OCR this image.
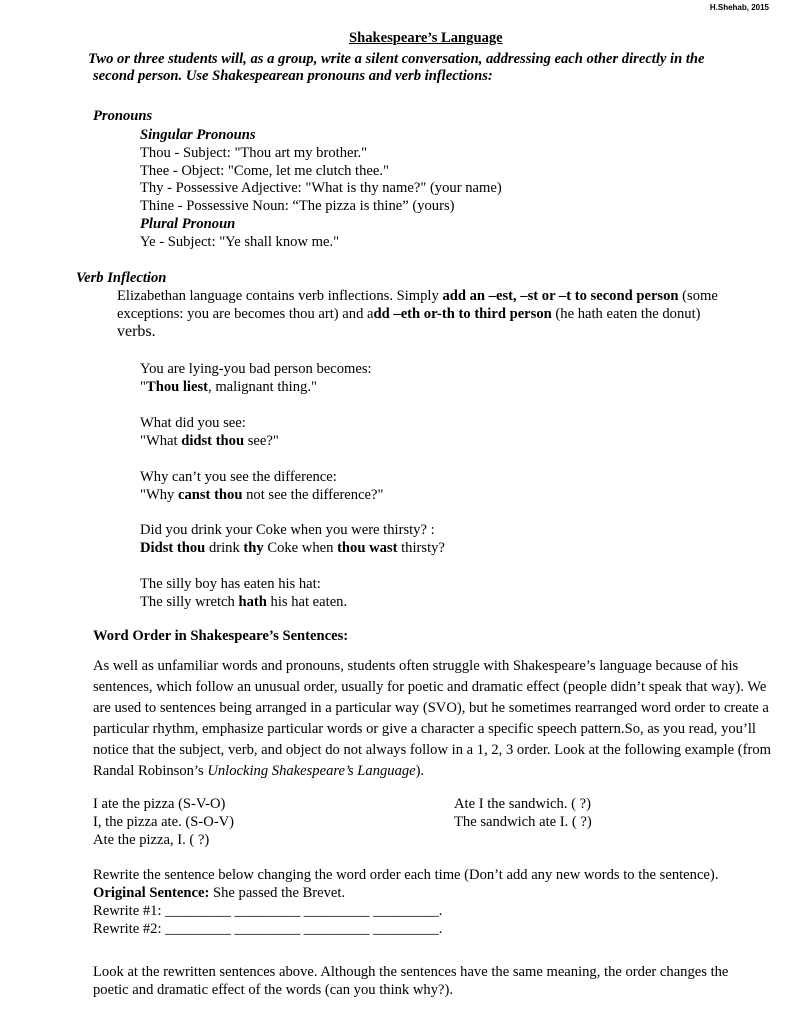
H.Shehab, 2015
Shakespeare’s Language
Two or three students will, as a group, write a silent conversation, addressing each other directly in the
second person. Use Shakespearean pronouns and verb inflections:
Pronouns
Singular Pronouns
Thou - Subject: "Thou art my brother."
Thee - Object: "Come, let me clutch thee."
Thy - Possessive Adjective: "What is thy name?" (your name)
Thine - Possessive Noun: “The pizza is thine” (yours)
Plural Pronoun
Ye - Subject: "Ye shall know me."
Verb Inflection
Elizabethan language contains verb inflections. Simply add an –est, –st or –t to second person (some
exceptions: you are becomes thou art) and add –eth or-th to third person (he hath eaten the donut)
verbs.
You are lying-you bad person becomes:
"Thou liest, malignant thing."
What did you see:
"What didst thou see?"
Why can’t you see the difference:
"Why canst thou not see the difference?"
Did you drink your Coke when you were thirsty? :
Didst thou drink thy Coke when thou wast thirsty?
The silly boy has eaten his hat:
The silly wretch hath his hat eaten.
Word Order in Shakespeare’s Sentences:
As well as unfamiliar words and pronouns, students often struggle with Shakespeare’s language because of his sentences, which follow an unusual order, usually for poetic and dramatic effect (people didn’t speak that way). We are used to sentences being arranged in a particular way (SVO), but he sometimes rearranged word order to create a particular rhythm, emphasize particular words or give a character a specific speech pattern.So, as you read, you’ll notice that the subject, verb, and object do not always follow in a 1, 2, 3 order. Look at the following example (from Randal Robinson’s Unlocking Shakespeare’s Language).
I ate the pizza (S-V-O)
I, the pizza ate. (S-O-V)
Ate the pizza, I. ( ?)
Ate I the sandwich. ( ?)
The sandwich ate I. ( ?)
Rewrite the sentence below changing the word order each time (Don’t add any new words to the sentence).
Original Sentence: She passed the Brevet.
Rewrite #1: _________ _________ _________ _________.
Rewrite #2: _________ _________ _________ _________.
Look at the rewritten sentences above. Although the sentences have the same meaning, the order changes the
poetic and dramatic effect of the words (can you think why?).
